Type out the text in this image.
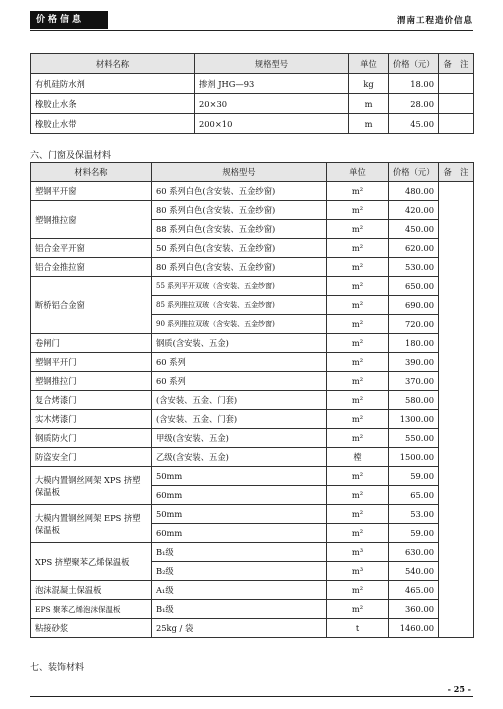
价格信息	渭南工程造价信息
材料名称	规格型号	单位	价格（元）	备　注
有机硅防水剂	掺剂 JHG—93	kg	18.00	
橡胶止水条	20×30	m	28.00	
橡胶止水带	200×10	m	45.00	
六、门窗及保温材料
材料名称	规格型号	单位	价格（元）	备　注
塑钢平开窗	60 系列白色(含安装、五金纱窗)	m²	480.00	
塑钢推拉窗	80 系列白色(含安装、五金纱窗)	m²	420.00	
	88 系列白色(含安装、五金纱窗)	m²	450.00	
铝合金平开窗	50 系列白色(含安装、五金纱窗)	m²	620.00	
铝合金推拉窗	80 系列白色(含安装、五金纱窗)	m²	530.00	
断桥铝合金窗	55 系列平开双玻（含安装、五金纱窗)	m²	650.00	
	85 系列推拉双玻（含安装、五金纱窗)	m²	690.00	
	90 系列推拉双玻（含安装、五金纱窗)	m²	720.00	
卷闸门	钢质(含安装、五金)	m²	180.00	
塑钢平开门	60 系列	m²	390.00	
塑钢推拉门	60 系列	m²	370.00	
复合烤漆门	(含安装、五金、门套)	m²	580.00	
实木烤漆门	(含安装、五金、门套)	m²	1300.00	
钢质防火门	甲级(含安装、五金)	m²	550.00	
防盗安全门	乙级(含安装、五金)	樘	1500.00	
大模内置钢丝网架 XPS 挤塑保温板	50mm	m²	59.00	
	60mm	m²	65.00	
大模内置钢丝网架 EPS 挤塑保温板	50mm	m²	53.00	
	60mm	m²	59.00	
XPS 挤塑聚苯乙烯保温板	B₁级	m³	630.00	
	B₂级	m³	540.00	
泡沫混凝土保温板	A₁级	m²	465.00	
EPS 聚苯乙烯泡沫保温板	B₁级	m²	360.00	
粘接砂浆	25kg / 袋	t	1460.00	
七、装饰材料
- 25 -
